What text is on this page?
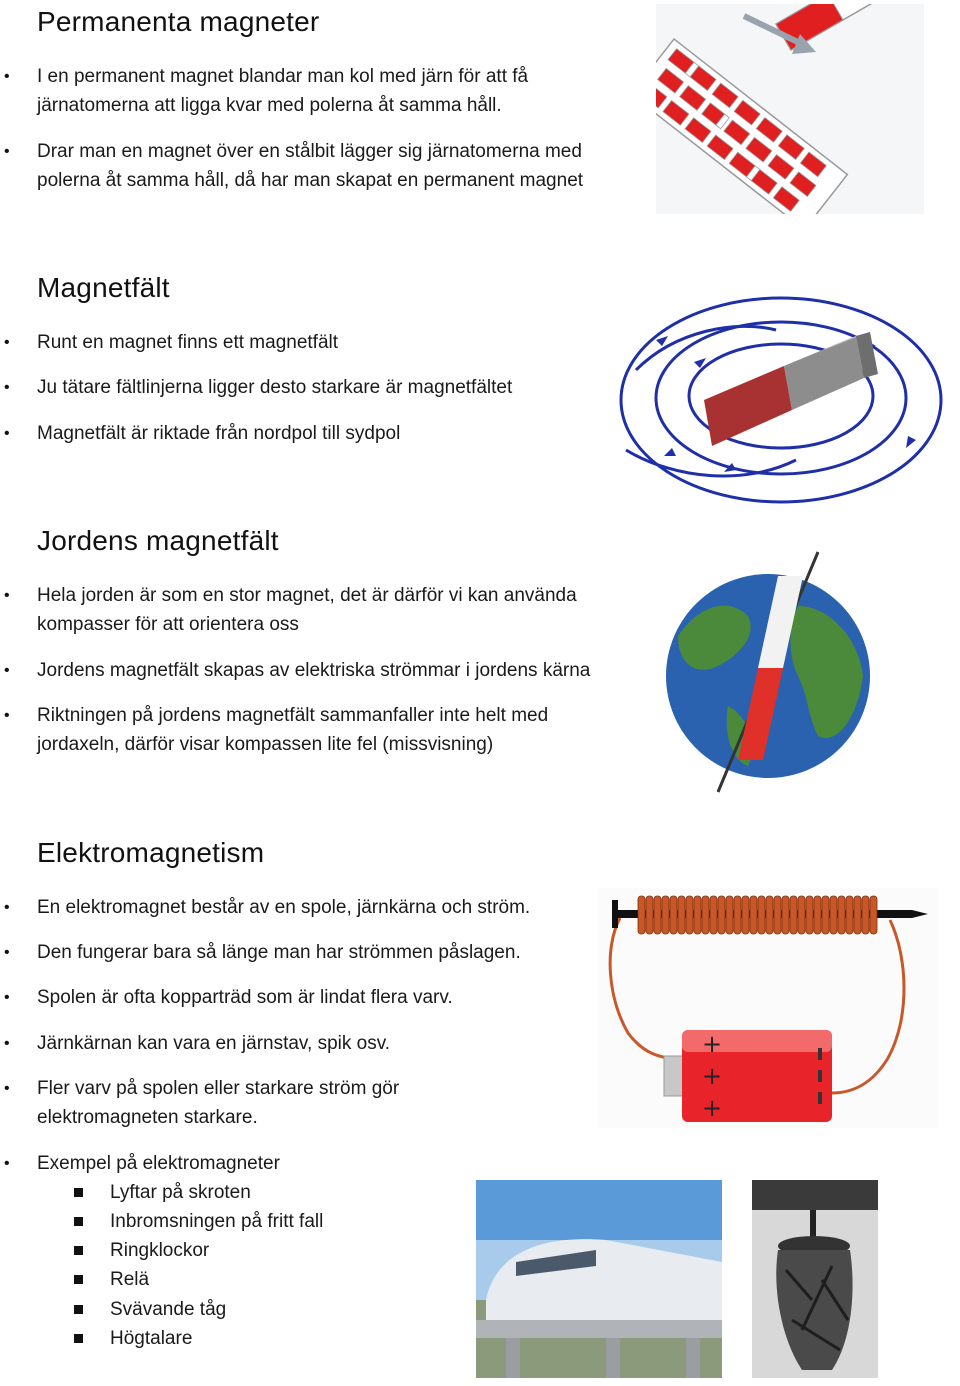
Permanenta magneter
• I en permanent magnet blandar man kol med järn för att få järnatomerna att ligga kvar med polerna åt samma håll.
• Drar man en magnet över en stålbit lägger sig järnatomerna med polerna åt samma håll, då har man skapat en permanent magnet
Magnetfält
• Runt en magnet finns ett magnetfält
• Ju tätare fältlinjerna ligger desto starkare är magnetfältet
• Magnetfält är riktade från nordpol till sydpol
Jordens magnetfält
• Hela jorden är som en stor magnet, det är därför vi kan använda kompasser för att orientera oss
• Jordens magnetfält skapas av elektriska strömmar i jordens kärna
• Riktningen på jordens magnetfält sammanfaller inte helt med jordaxeln, därför visar kompassen lite fel (missvisning)
Elektromagnetism
• En elektromagnet består av en spole, järnkärna och ström.
• Den fungerar bara så länge man har strömmen påslagen.
• Spolen är ofta kopparträd som är lindat flera varv.
• Järnkärnan kan vara en järnstav, spik osv.
• Fler varv på spolen eller starkare ström gör elektromagneten starkare.
• Exempel på elektromagneter
Lyftar på skroten
Inbromsningen på fritt fall
Ringklockor
Relä
Svävande tåg
Högtalare
+
+
+
